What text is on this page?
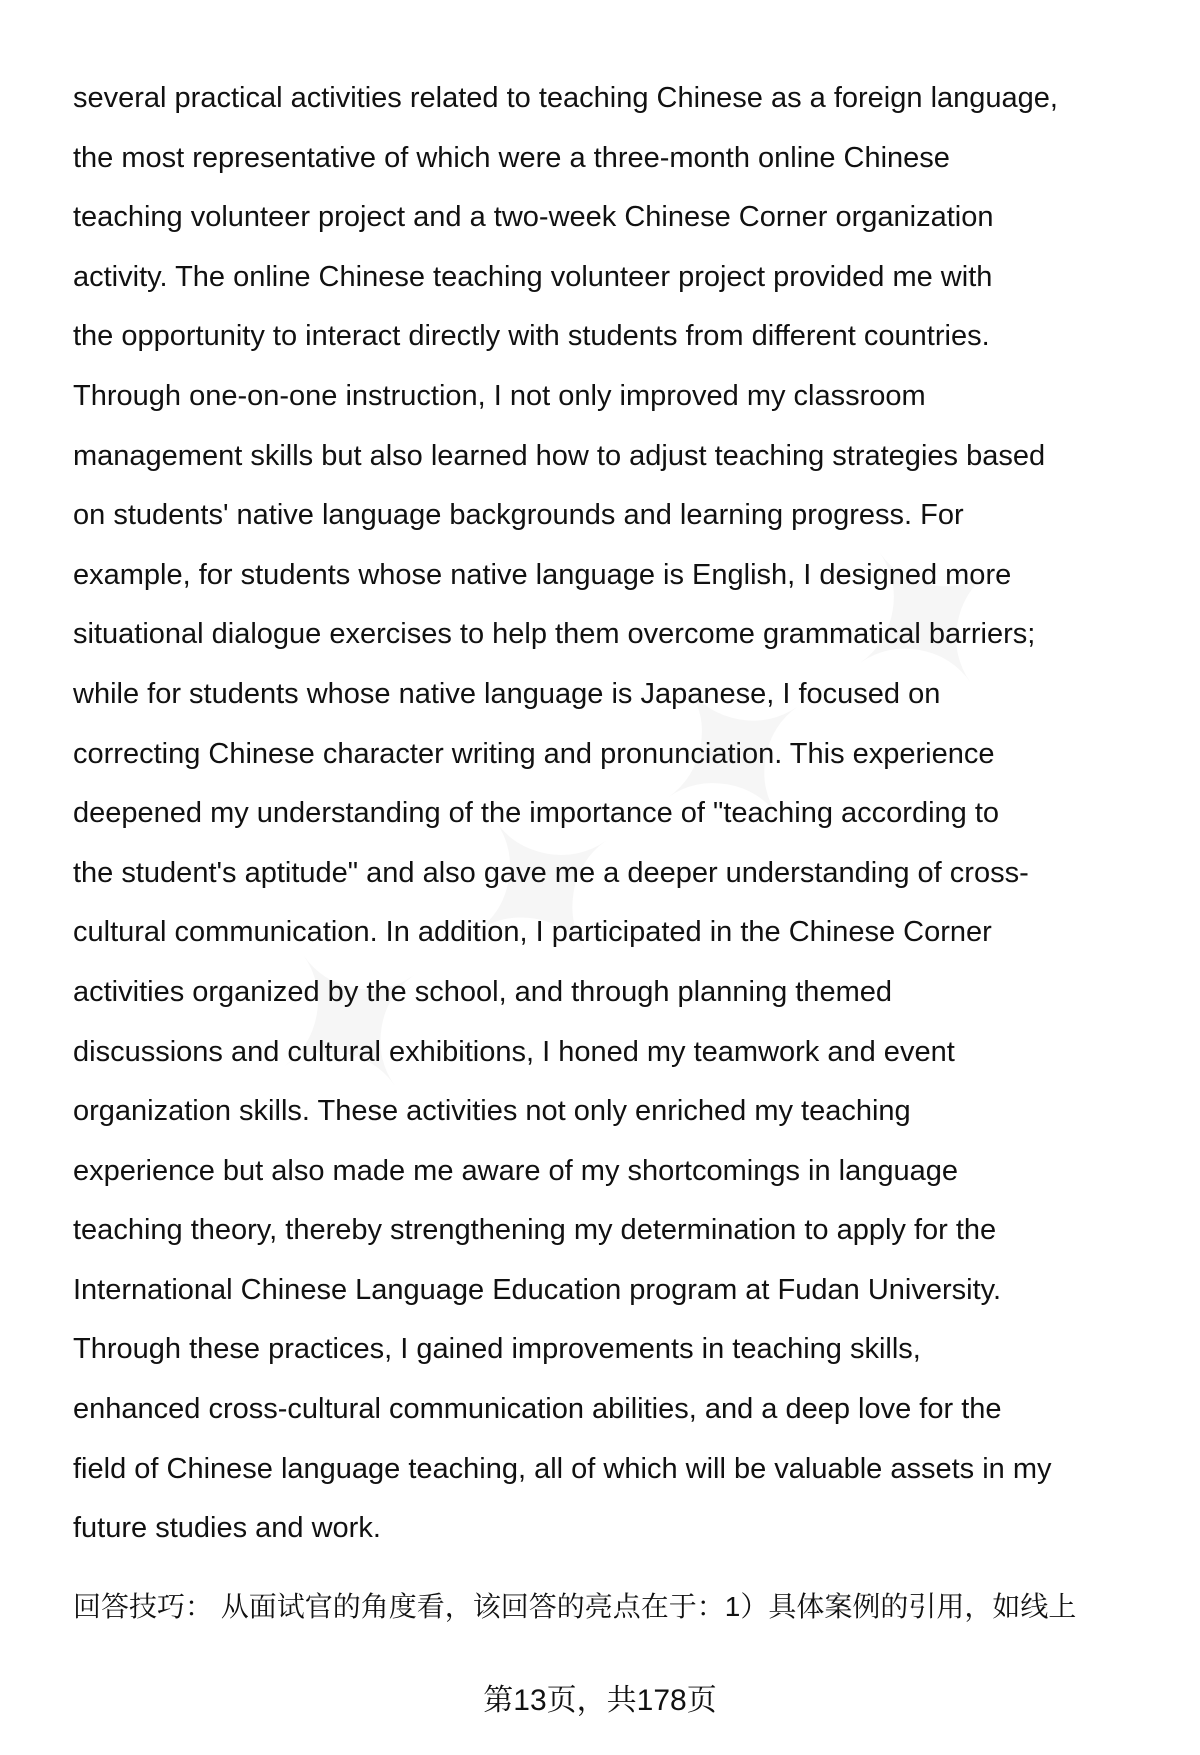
several practical activities related to teaching Chinese as a foreign language,
the most representative of which were a three-month online Chinese
teaching volunteer project and a two-week Chinese Corner organization
activity. The online Chinese teaching volunteer project provided me with
the opportunity to interact directly with students from different countries.
Through one-on-one instruction, I not only improved my classroom
management skills but also learned how to adjust teaching strategies based
on students' native language backgrounds and learning progress. For
example, for students whose native language is English, I designed more
situational dialogue exercises to help them overcome grammatical barriers;
while for students whose native language is Japanese, I focused on
correcting Chinese character writing and pronunciation. This experience
deepened my understanding of the importance of "teaching according to
the student's aptitude" and also gave me a deeper understanding of cross-
cultural communication. In addition, I participated in the Chinese Corner
activities organized by the school, and through planning themed
discussions and cultural exhibitions, I honed my teamwork and event
organization skills. These activities not only enriched my teaching
experience but also made me aware of my shortcomings in language
teaching theory, thereby strengthening my determination to apply for the
International Chinese Language Education program at Fudan University.
Through these practices, I gained improvements in teaching skills,
enhanced cross-cultural communication abilities, and a deep love for the
field of Chinese language teaching, all of which will be valuable assets in my
future studies and work.
回答技巧： 从面试官的角度看，该回答的亮点在于：1）具体案例的引用，如线上
第13页，共178页
